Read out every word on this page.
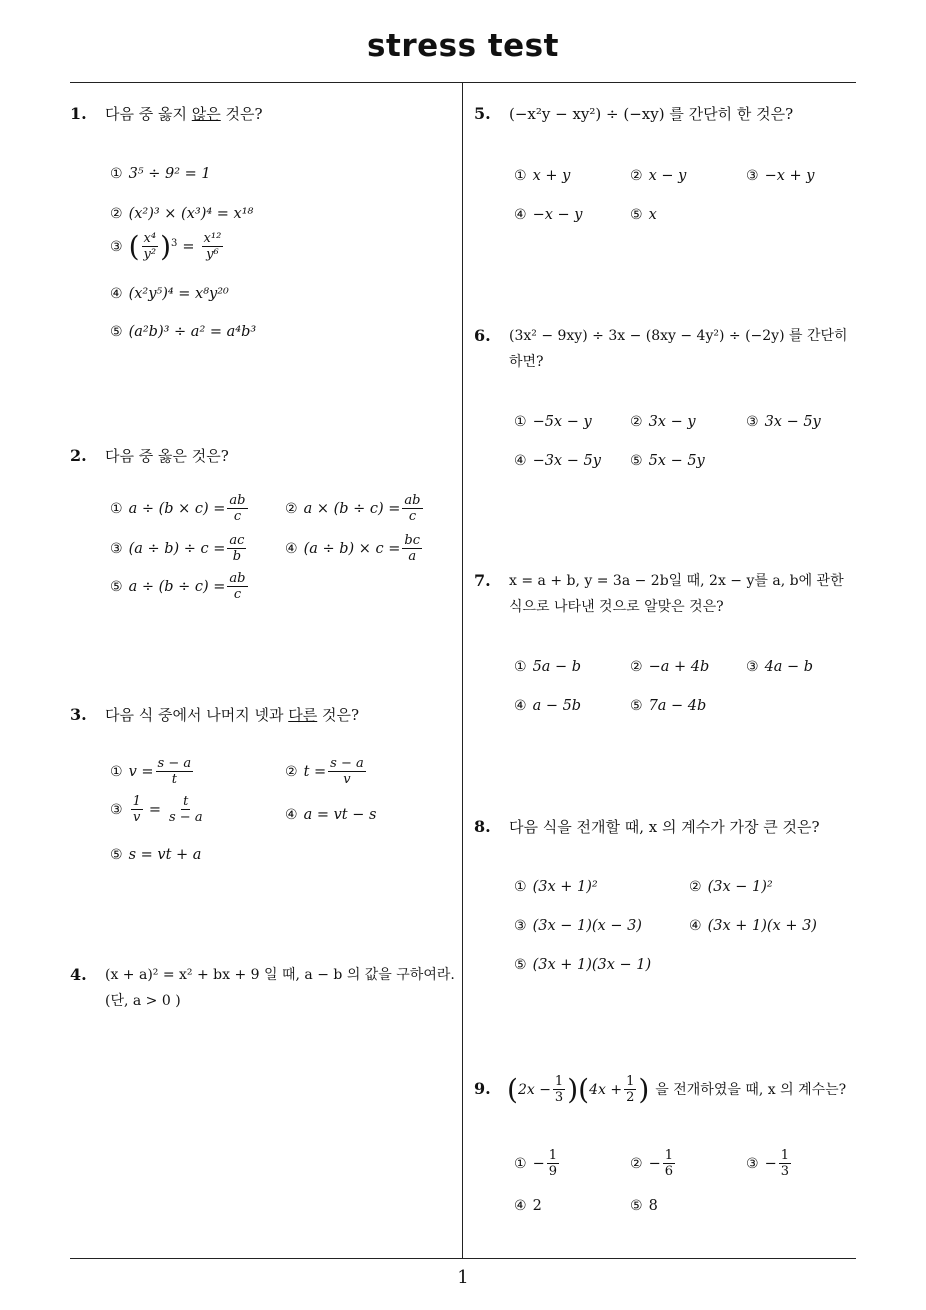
stress test
1
1. 다음 중 옳지 않은 것은?
① 3⁵ ÷ 9² = 1
② (x²)³ × (x³)⁴ = x¹⁸
③ ( $\frac{\text{x⁴}}{\text{y²}}$ ) $3 = \frac{\text{x¹²}}{\text{y⁶}}$
④ (x²y⁵)⁴ = x⁸y²⁰
⑤ (a²b)³ ÷ a² = a⁴b³
2. 다음 중 옳은 것은?
① $a \div (b \times c) = \frac{ab}{c}$	② $a \times (b \div c) = \frac{ab}{c}$
③ $(a \div b) \div c = \frac{ac}{b}$	④ $(a \div b) \times c = \frac{bc}{a}$
⑤ $a \div (b \div c) = \frac{ab}{c}$
3. 다음 식 중에서 나머지 넷과 다른 것은?
① $v = \frac{s - a}{t}$	② $t = \frac{s - a}{v}$
③ $\frac{1}{v} = \frac{t}{s - a}$	④ a = vt − s
⑤ s = vt + a
4. (x + a)² = x² + bx + 9 일 때, a − b 의 값을 구하여라.
(단, a > 0 )
5. (−x²y − xy²) ÷ (−xy) 를 간단히 한 것은?
① x + y	② x − y	③ −x + y
④ −x − y	⑤ x
6. (3x² − 9xy) ÷ 3x − (8xy − 4y²) ÷ (−2y) 를 간단히
하면?
① −5x − y	② 3x − y	③ 3x − 5y
④ −3x − 5y ⑤ 5x − 5y
7. x = a + b, y = 3a − 2b일 때, 2x − y를 a, b에 관한
식으로 나타낸 것으로 알맞은 것은?
① 5a − b	② −a + 4b	③ 4a − b
④ a − 5b	⑤ 7a − 4b
8. 다음 식을 전개할 때, x 의 계수가 가장 큰 것은?
① (3x + 1)²	② (3x − 1)²
③ (3x − 1)(x − 3)	④ (3x + 1)(x + 3)
⑤ (3x + 1)(3x − 1)
9. ( $2x - \frac{1}{3}$ ) ( $4x + \frac{1}{2}$ ) 을 전개하였을 때, x 의 계수는?
① − $\frac{1}{9}$	② − $\frac{1}{6}$	③ − $\frac{1}{3}$
④ 2	⑤ 8
